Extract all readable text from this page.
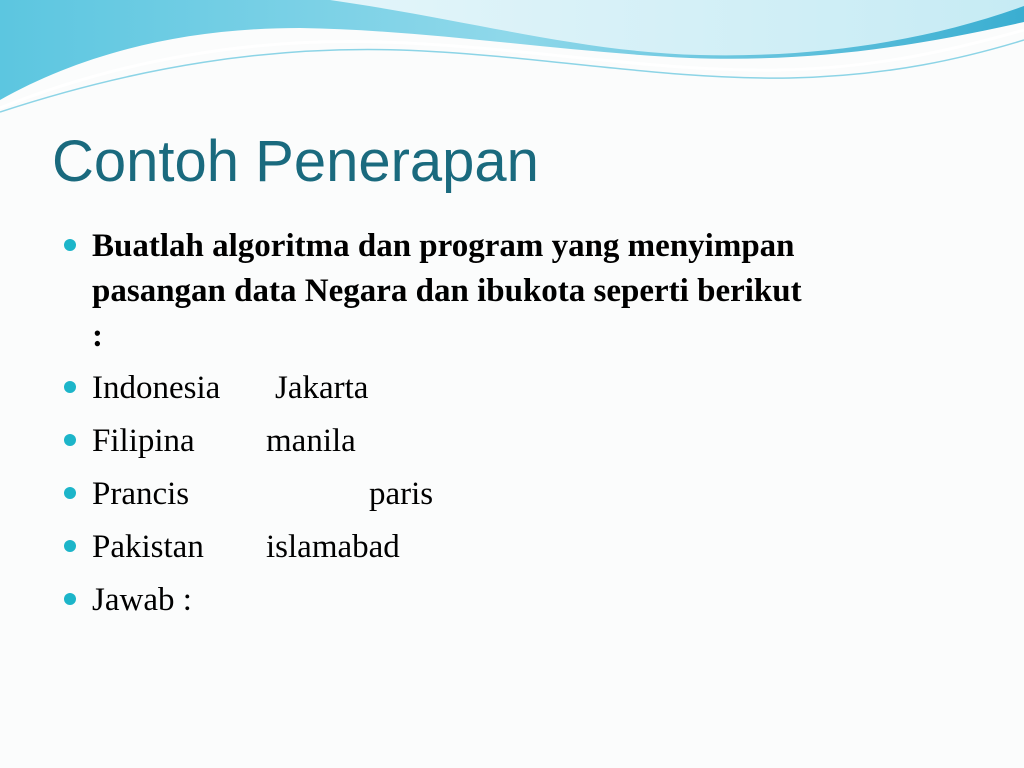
Contoh Penerapan
Buatlah algoritma dan program yang menyimpan
pasangan data Negara dan ibukota seperti berikut
:
Indonesia Jakarta
Filipina manila
Prancis	paris
Pakistan islamabad
Jawab :
